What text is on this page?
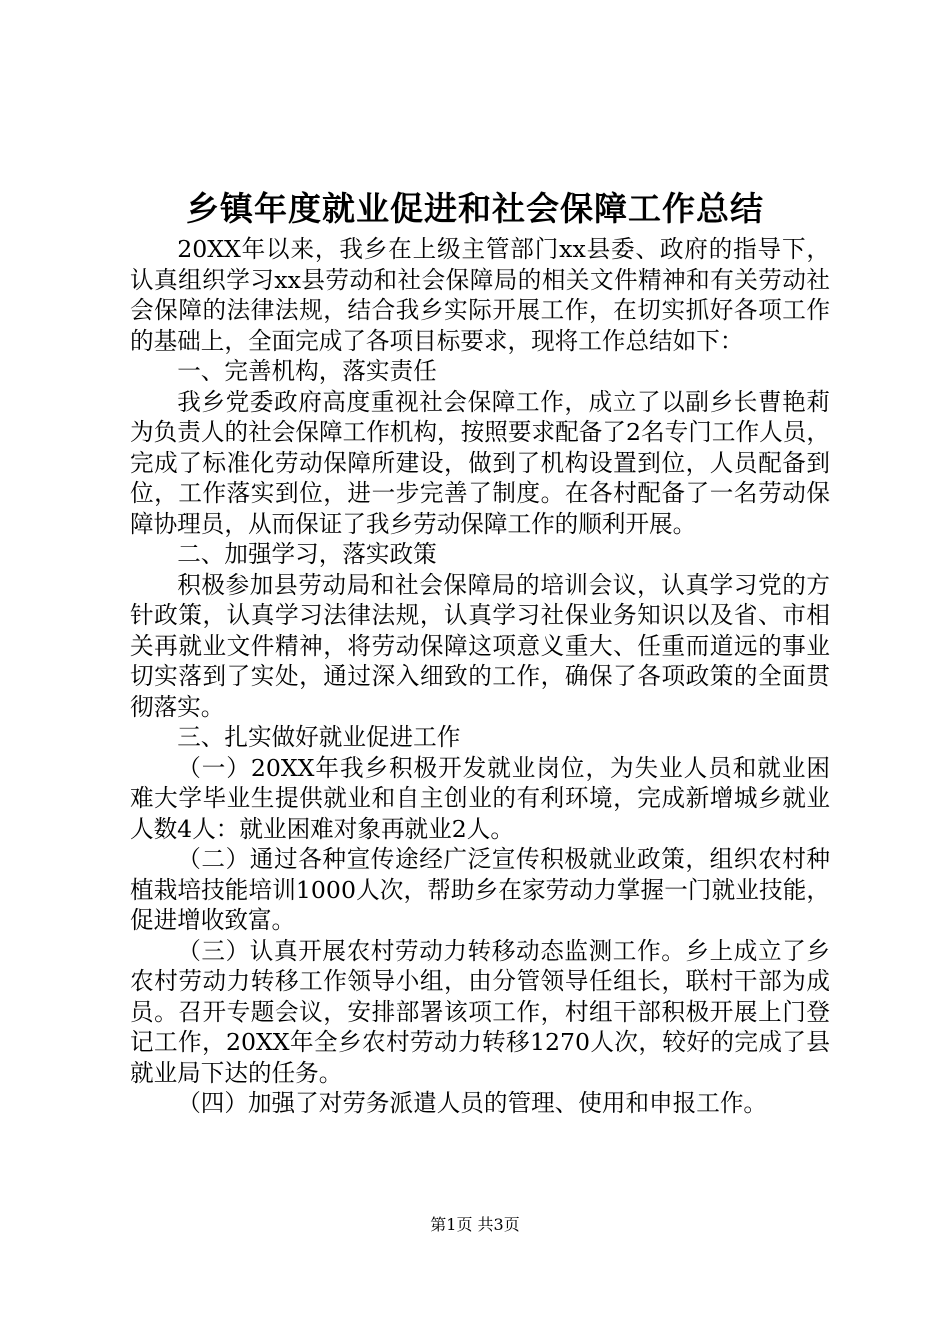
乡镇年度就业促进和社会保障工作总结

20XX年以来，我乡在上级主管部门xx县委、政府的指导下，认真组织学习xx县劳动和社会保障局的相关文件精神和有关劳动社会保障的法律法规，结合我乡实际开展工作，在切实抓好各项工作的基础上，全面完成了各项目标要求，现将工作总结如下：

一、完善机构，落实责任

我乡党委政府高度重视社会保障工作，成立了以副乡长曹艳莉为负责人的社会保障工作机构，按照要求配备了2名专门工作人员，完成了标准化劳动保障所建设，做到了机构设置到位，人员配备到位，工作落实到位，进一步完善了制度。在各村配备了一名劳动保障协理员，从而保证了我乡劳动保障工作的顺利开展。

二、加强学习，落实政策

积极参加县劳动局和社会保障局的培训会议，认真学习党的方针政策，认真学习法律法规，认真学习社保业务知识以及省、市相关再就业文件精神，将劳动保障这项意义重大、任重而道远的事业切实落到了实处，通过深入细致的工作，确保了各项政策的全面贯彻落实。

三、扎实做好就业促进工作

（一）20XX年我乡积极开发就业岗位，为失业人员和就业困难大学毕业生提供就业和自主创业的有利环境，完成新增城乡就业人数4人：就业困难对象再就业2人。

（二）通过各种宣传途经广泛宣传积极就业政策，组织农村种植栽培技能培训1000人次，帮助乡在家劳动力掌握一门就业技能，促进增收致富。

（三）认真开展农村劳动力转移动态监测工作。乡上成立了乡农村劳动力转移工作领导小组，由分管领导任组长，联村干部为成员。召开专题会议，安排部署该项工作，村组干部积极开展上门登记工作，20XX年全乡农村劳动力转移1270人次，较好的完成了县就业局下达的任务。

（四）加强了对劳务派遣人员的管理、使用和申报工作。

第1页 共3页
